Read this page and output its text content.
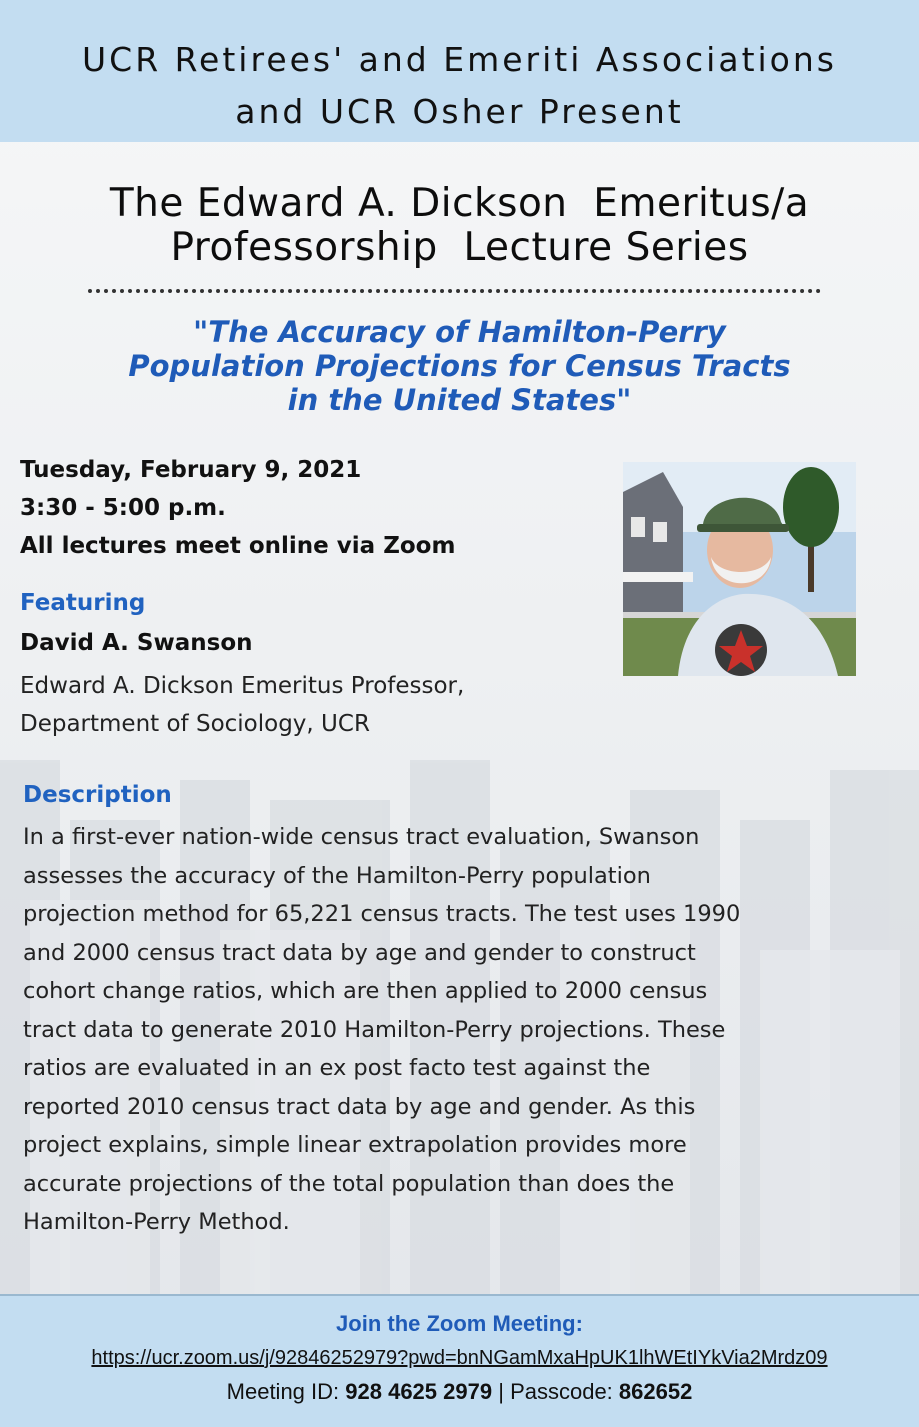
UCR Retirees' and Emeriti Associations
and UCR Osher Present
The Edward A. Dickson  Emeritus/a
Professorship  Lecture Series
"The Accuracy of Hamilton-Perry
Population Projections for Census Tracts
in the United States"
Tuesday, February 9, 2021
3:30 - 5:00 p.m.
All lectures meet online via Zoom
Featuring
David A. Swanson
Edward A. Dickson Emeritus Professor,
Department of Sociology, UCR
Description
In a first-ever nation-wide census tract evaluation, Swanson
assesses the accuracy of the Hamilton-Perry population
projection method for 65,221 census tracts. The test uses 1990
and 2000 census tract data by age and gender to construct
cohort change ratios, which are then applied to 2000 census
tract data to generate 2010 Hamilton-Perry projections. These
ratios are evaluated in an ex post facto test against the
reported 2010 census tract data by age and gender. As this
project explains, simple linear extrapolation provides more
accurate projections of the total population than does the
Hamilton-Perry Method.
Join the Zoom Meeting:
https://ucr.zoom.us/j/92846252979?pwd=bnNGamMxaHpUK1lhWEtIYkVia2Mrdz09
Meeting ID: 928 4625 2979 | Passcode: 862652
